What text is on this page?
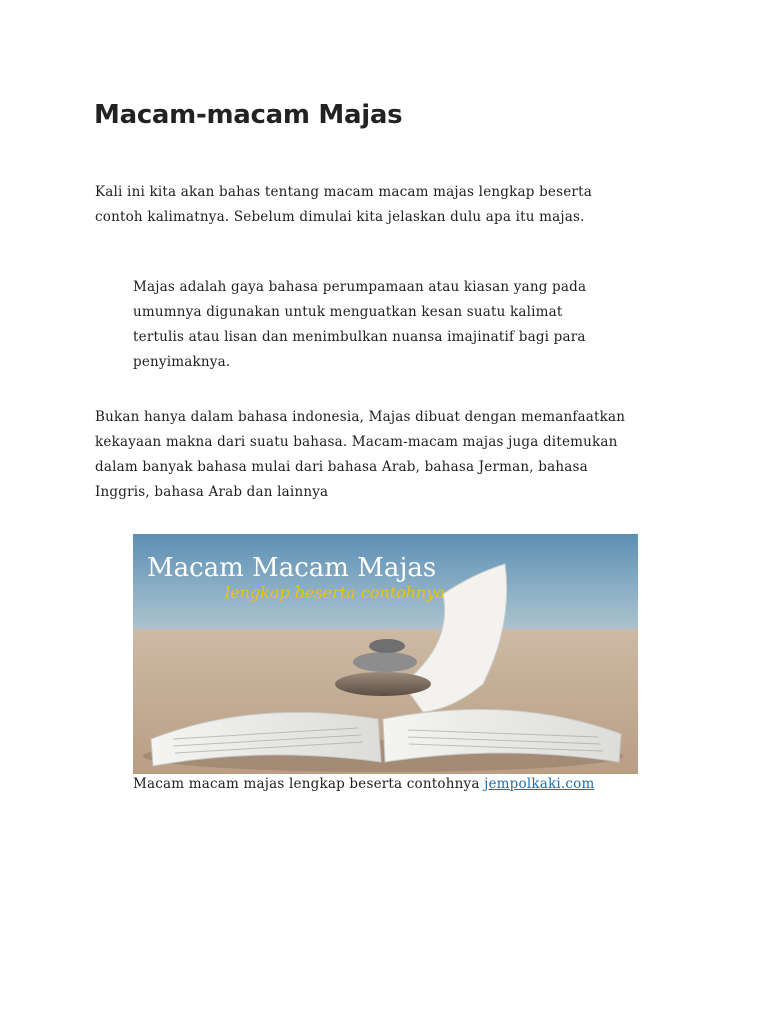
Macam-macam Majas

Kali ini kita akan bahas tentang macam macam majas lengkap beserta
contoh kalimatnya. Sebelum dimulai kita jelaskan dulu apa itu majas.

Majas adalah gaya bahasa perumpamaan atau kiasan yang pada
umumnya digunakan untuk menguatkan kesan suatu kalimat
tertulis atau lisan dan menimbulkan nuansa imajinatif bagi para
penyimaknya.

Bukan hanya dalam bahasa indonesia, Majas dibuat dengan memanfaatkan
kekayaan makna dari suatu bahasa. Macam-macam majas juga ditemukan
dalam banyak bahasa mulai dari bahasa Arab, bahasa Jerman, bahasa
Inggris, bahasa Arab dan lainnya

Macam Macam Majas
lengkap beserta contohnya

Macam macam majas lengkap beserta contohnya jempolkaki.com
